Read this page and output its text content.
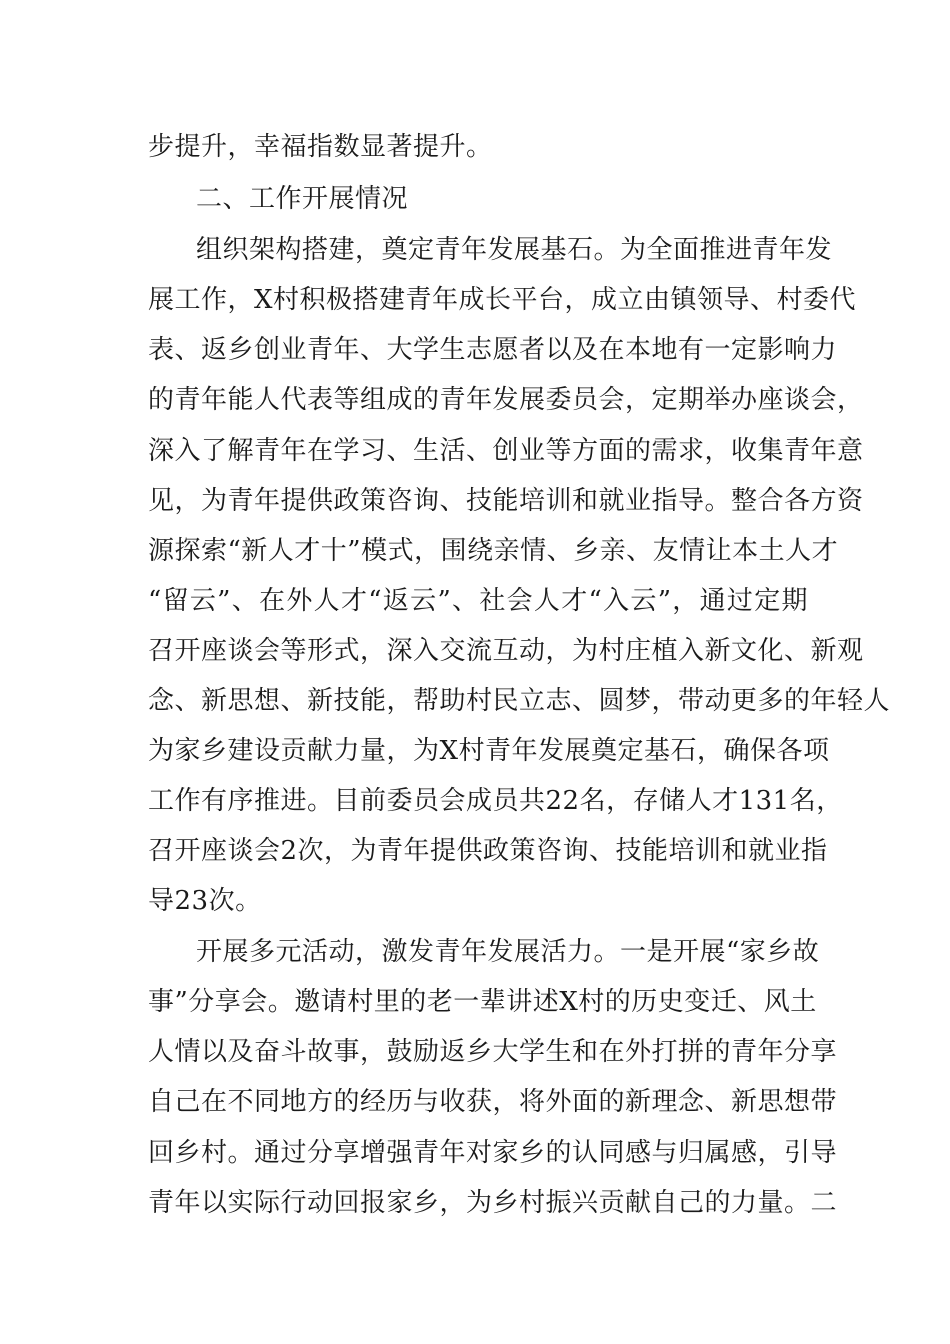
步提升，幸福指数显著提升。
二、工作开展情况
组织架构搭建，奠定青年发展基石。为全面推进青年发
展工作，X村积极搭建青年成长平台，成立由镇领导、村委代
表、返乡创业青年、大学生志愿者以及在本地有一定影响力
的青年能人代表等组成的青年发展委员会，定期举办座谈会，
深入了解青年在学习、生活、创业等方面的需求，收集青年意
见，为青年提供政策咨询、技能培训和就业指导。整合各方资
源探索“新人才十”模式，围绕亲情、乡亲、友情让本土人才
“留云”、在外人才“返云”、社会人才“入云”，通过定期
召开座谈会等形式，深入交流互动，为村庄植入新文化、新观
念、新思想、新技能，帮助村民立志、圆梦，带动更多的年轻人
为家乡建设贡献力量，为X村青年发展奠定基石，确保各项
工作有序推进。目前委员会成员共22名，存储人才131名，
召开座谈会2次，为青年提供政策咨询、技能培训和就业指
导23次。
开展多元活动，激发青年发展活力。一是开展“家乡故
事”分享会。邀请村里的老一辈讲述X村的历史变迁、风土
人情以及奋斗故事，鼓励返乡大学生和在外打拼的青年分享
自己在不同地方的经历与收获，将外面的新理念、新思想带
回乡村。通过分享增强青年对家乡的认同感与归属感，引导
青年以实际行动回报家乡，为乡村振兴贡献自己的力量。二
